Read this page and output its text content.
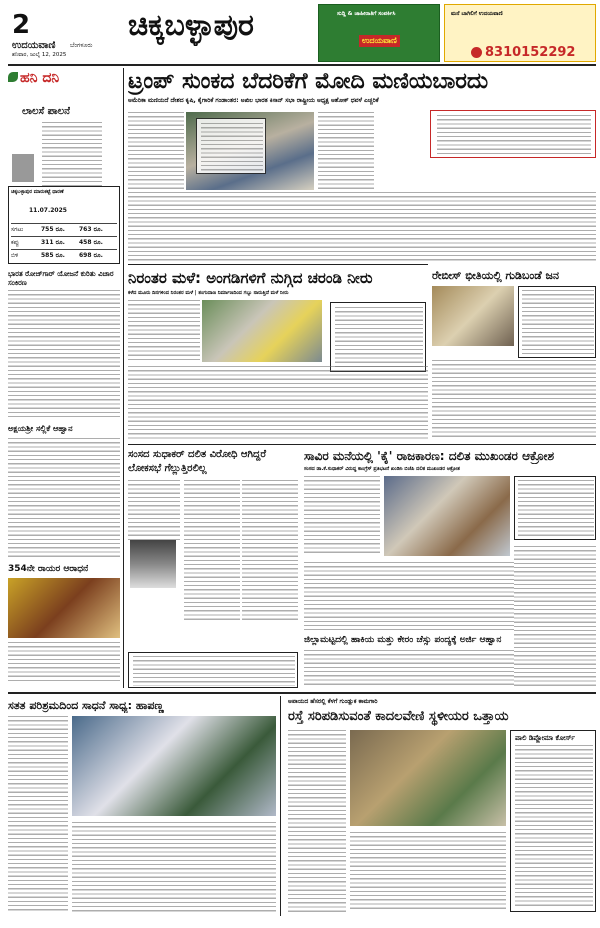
2
ಉದಯವಾಣಿ ಬೆಂಗಳೂರು
ಶನಿವಾರ, ಜುಲೈ 12, 2025
ಚಿಕ್ಕಬಳ್ಳಾಪುರ	ಸುದ್ದಿ & ಜಾಹೀರಾತಿಗೆ ಸಂಪರ್ಕಿಸಿ
ಉದಯವಾಣಿ
ಮನೆ ಬಾಗಿಲಿಗೆ ಉದಯವಾಣಿ
8310152292
ಹನಿ ದನಿ
ಲಾಲಸೆ ಪಾಲನೆ
ಚಿಕ್ಕಬಳ್ಳಾಪುರ ಮಾರುಕಟ್ಟೆ ಧಾರಣೆ
11.07.2025
ಸಗಟು	755 ರೂ.	763 ರೂ.
ಕಪ್ಪು	311 ರೂ.	458 ರೂ.
ಬಿಳಿ	585 ರೂ.	698 ರೂ.
ಭಾರತ ರೋಜ್‌ಗಾರ್ ಯೋಜನೆ ಕುರಿತು ವಿಚಾರ ಸಂಕಿರಣ
ಅಕ್ಷಯಶ್ರೀ ಸಲ್ಲಿಕೆ ಆಹ್ವಾನ
354ನೇ ರಾಯರ ಆರಾಧನೆ
ಟ್ರಂಪ್ ಸುಂಕದ ಬೆದರಿಕೆಗೆ ಮೋದಿ ಮಣಿಯಬಾರದು
ಅಮೆರಿಕಾ ಮಣಿಯದೆ ದೇಶದ ಕೃಷಿ, ಕೈಗಾರಿಕೆ ಗಂಡಾಂತರ: ಅಖಿಲ ಭಾರತ ಕಿಸಾನ್ ಸಭಾ ರಾಷ್ಟ್ರೀಯ ಅಧ್ಯಕ್ಷ ಅಶೋಕ್ ಧವಳೆ ಎಚ್ಚರಿಕೆ
ನಿರಂತರ ಮಳೆ: ಅಂಗಡಿಗಳಿಗೆ ನುಗ್ಗಿದ ಚರಂಡಿ ನೀರು
ಕಳೆದ ಮೂರು ದಿನಗಳಿಂದ ನಿರಂತರ ಮಳೆ | ತಂಗುದಾಣ ನಿರ್ಮಾಣದಿಂದ ಗಬ್ಬು ನಾರುತ್ತಿದೆ ಮಳೆ ನೀರು
ರೇಬೀಸ್ ಭೀತಿಯಲ್ಲಿ ಗುಡಿಬಂಡೆ ಜನ
ಸಂಸದ ಸುಧಾಕರ್ ದಲಿತ ವಿರೋಧಿ ಆಗಿದ್ದರೆ ಲೋಕಸಭೆ ಗೆಲ್ಲುತ್ತಿರಲಿಲ್ಲ
ಸಾವಿರ ಮನೆಯಲ್ಲಿ 'ಕೈ' ರಾಜಕಾರಣ: ದಲಿತ ಮುಖಂಡರ ಆಕ್ರೋಶ
ಸಂಸದ ಡಾ.ಕೆ.ಸುಧಾಕರ್ ವಿರುದ್ಧ ಕಾಂಗ್ರೆಸ್ ಪ್ರತಿಭಟನೆ ಖಂಡಿಸಿ ಬಿಜೆಪಿ ದಲಿತ ಮುಖಂಡರ ಆಕ್ರೋಶ
ಜಿಲ್ಲಾಮಟ್ಟದಲ್ಲಿ ಹಾಕಿಯ ಮತ್ತು ಕೇರಂ ಚೆಸ್ಸು ಪಂದ್ಯಕ್ಕೆ ಅರ್ಜಿ ಆಹ್ವಾನ
ಸತತ ಪರಿಶ್ರಮದಿಂದ ಸಾಧನೆ ಸಾಧ್ಯ: ಹಾಪಣ್ಣ	ಅಪಾಯದ ಹೆಸರಲ್ಲಿ ಕೆಳಗೆ ಗುಂಡ್ಲುಕ ಕಾಮಗಾರಿ
ರಸ್ತೆ ಸರಿಪಡಿಸುವಂತೆ ಕಾದಲವೇಣಿ ಸ್ಥಳೀಯರ ಒತ್ತಾಯ
ಪಾಲಿ ಡಿಪ್ಲೋಮಾ ಕೋರ್ಸ್
